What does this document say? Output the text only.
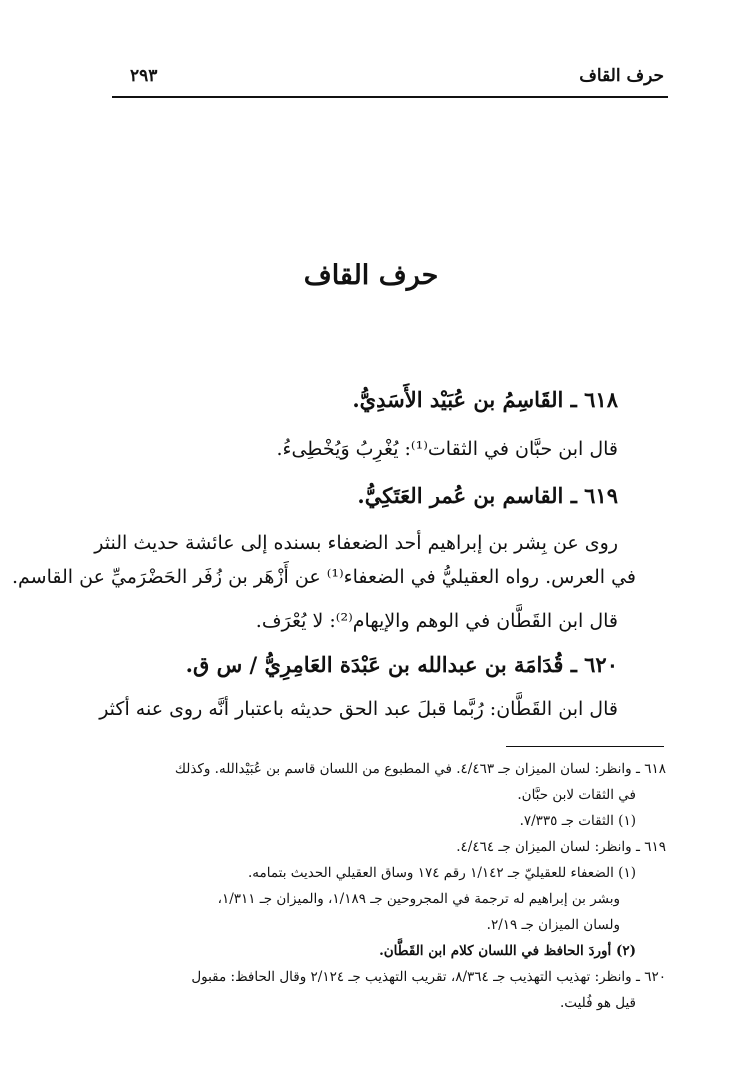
حرف القاف
٢٩٣
حرف القاف
٦١٨ ـ القَاسِمُ بن عُبَيْد الأَسَدِيُّ.
قال ابن حبَّان في الثقات⁽¹⁾: يُغْرِبُ وَيُخْطِىءُ.
٦١٩ ـ القاسم بن عُمر العَتَكِيُّ.
روى عن بِشر بن إبراهيم أحد الضعفاء بسنده إلى عائشة حديث النثر
في العرس. رواه العقيليُّ في الضعفاء⁽¹⁾ عن أَزْهَر بن زُفَر الحَضْرَميِّ عن القاسم.
قال ابن القَطَّان في الوهم والإيهام⁽²⁾: لا يُعْرَف.
٦٢٠ ـ قُدَامَة بن عبدالله بن عَبْدَة العَامِرِيُّ / س ق.
قال ابن القَطَّان: رُبَّما قبلَ عبد الحق حديثه باعتبار أنَّه روى عنه أكثر
٦١٨ ـ وانظر: لسان الميزان جـ ٤/٤٦٣. في المطبوع من اللسان قاسم بن عُبَيْدالله. وكذلك
في الثقات لابن حبَّان.
(١) الثقات جـ ٧/٣٣٥.
٦١٩ ـ وانظر: لسان الميزان جـ ٤/٤٦٤.
(١) الضعفاء للعقيليّ جـ ١/١٤٢ رقم ١٧٤ وساق العقيلي الحديث بتمامه.
وبشر بن إبراهيم له ترجمة في المجروحين جـ ١/١٨٩، والميزان جـ ١/٣١١،
ولسان الميزان جـ ٢/١٩.
(٢) أوردَ الحافظ في اللسان كلام ابن القَطَّان.
٦٢٠ ـ وانظر: تهذيب التهذيب جـ ٨/٣٦٤، تقريب التهذيب جـ ٢/١٢٤ وقال الحافظ: مقبول
قيل هو فُليت.
